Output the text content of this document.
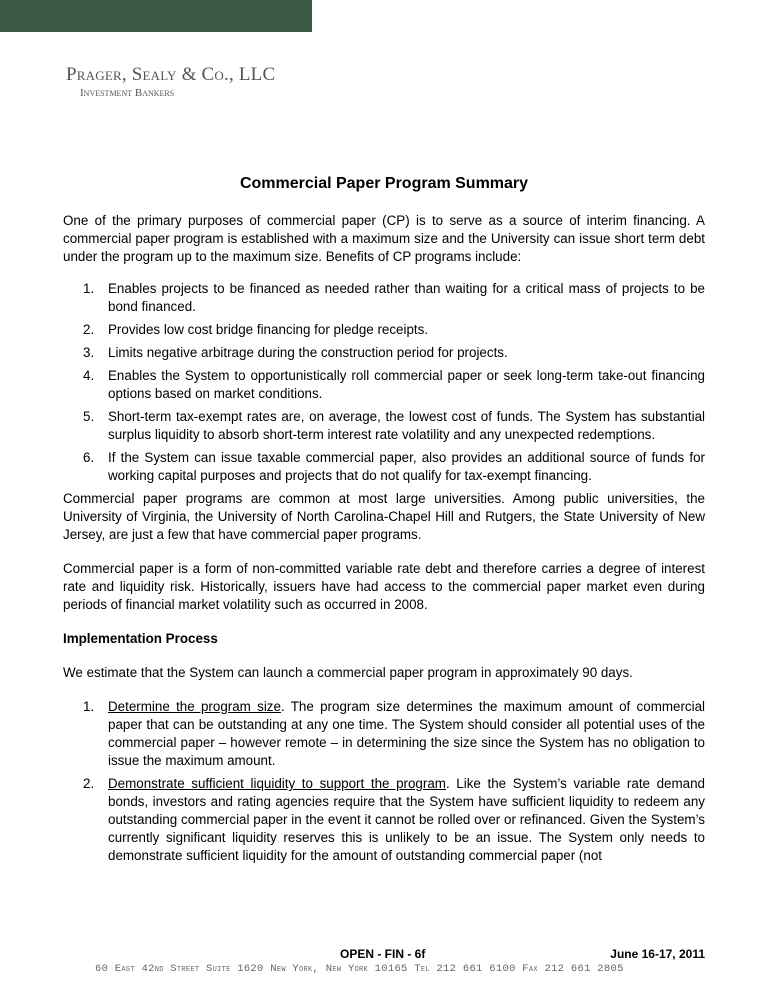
Prager, Sealy & Co., LLC
Investment Bankers
Commercial Paper Program Summary

One of the primary purposes of commercial paper (CP) is to serve as a source of interim financing. A commercial paper program is established with a maximum size and the University can issue short term debt under the program up to the maximum size. Benefits of CP programs include:

1. Enables projects to be financed as needed rather than waiting for a critical mass of projects to be bond financed.
2. Provides low cost bridge financing for pledge receipts.
3. Limits negative arbitrage during the construction period for projects.
4. Enables the System to opportunistically roll commercial paper or seek long-term take-out financing options based on market conditions.
5. Short-term tax-exempt rates are, on average, the lowest cost of funds. The System has substantial surplus liquidity to absorb short-term interest rate volatility and any unexpected redemptions.
6. If the System can issue taxable commercial paper, also provides an additional source of funds for working capital purposes and projects that do not qualify for tax-exempt financing.

Commercial paper programs are common at most large universities. Among public universities, the University of Virginia, the University of North Carolina-Chapel Hill and Rutgers, the State University of New Jersey, are just a few that have commercial paper programs.

Commercial paper is a form of non-committed variable rate debt and therefore carries a degree of interest rate and liquidity risk. Historically, issuers have had access to the commercial paper market even during periods of financial market volatility such as occurred in 2008.

Implementation Process

We estimate that the System can launch a commercial paper program in approximately 90 days.

1. Determine the program size. The program size determines the maximum amount of commercial paper that can be outstanding at any one time. The System should consider all potential uses of the commercial paper – however remote – in determining the size since the System has no obligation to issue the maximum amount.
2. Demonstrate sufficient liquidity to support the program. Like the System’s variable rate demand bonds, investors and rating agencies require that the System have sufficient liquidity to redeem any outstanding commercial paper in the event it cannot be rolled over or refinanced. Given the System’s currently significant liquidity reserves this is unlikely to be an issue. The System only needs to demonstrate sufficient liquidity for the amount of outstanding commercial paper (not
OPEN - FIN - 6f	June 16-17, 2011
60 East 42nd Street Suite 1620 New York, New York 10165 Tel 212 661 6100 Fax 212 661 2805
